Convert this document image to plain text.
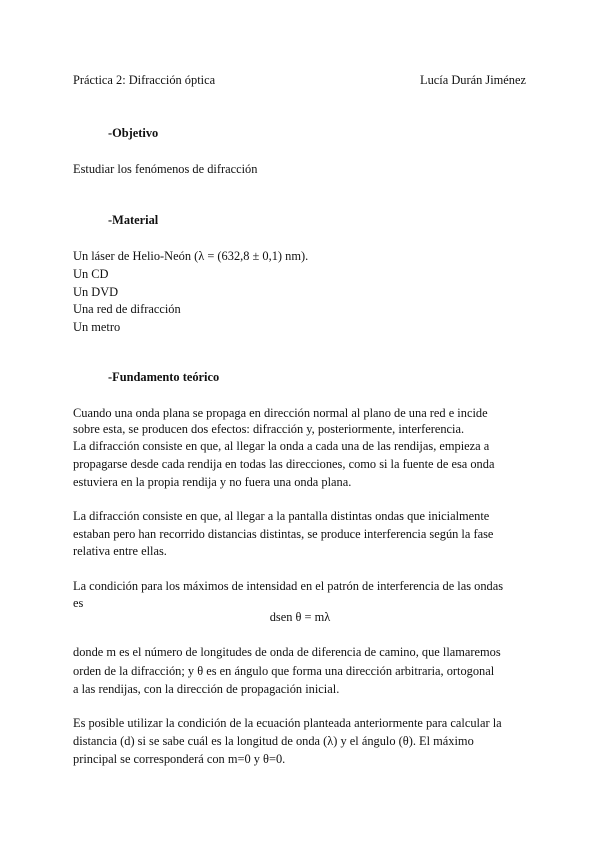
Práctica 2: Difracción óptica	Lucía Durán Jiménez
-Objetivo
Estudiar los fenómenos de difracción
-Material
Un láser de Helio-Neón (λ = (632,8 ± 0,1) nm).
Un CD
Un DVD
Una red de difracción
Un metro
-Fundamento teórico
Cuando una onda plana se propaga en dirección normal al plano de una red e incide
sobre esta, se producen dos efectos: difracción y, posteriormente, interferencia.
La difracción consiste en que, al llegar la onda a cada una de las rendijas, empieza a
propagarse desde cada rendija en todas las direcciones, como si la fuente de esa onda
estuviera en la propia rendija y no fuera una onda plana.
La difracción consiste en que, al llegar a la pantalla distintas ondas que inicialmente
estaban pero han recorrido distancias distintas, se produce interferencia según la fase
relativa entre ellas.
La condición para los máximos de intensidad en el patrón de interferencia de las ondas
es
dsen θ = mλ
donde m es el número de longitudes de onda de diferencia de camino, que llamaremos
orden de la difracción; y θ es en ángulo que forma una dirección arbitraria, ortogonal
a las rendijas, con la dirección de propagación inicial.
Es posible utilizar la condición de la ecuación planteada anteriormente para calcular la
distancia (d) si se sabe cuál es la longitud de onda (λ) y el ángulo (θ). El máximo
principal se corresponderá con m=0 y θ=0.
